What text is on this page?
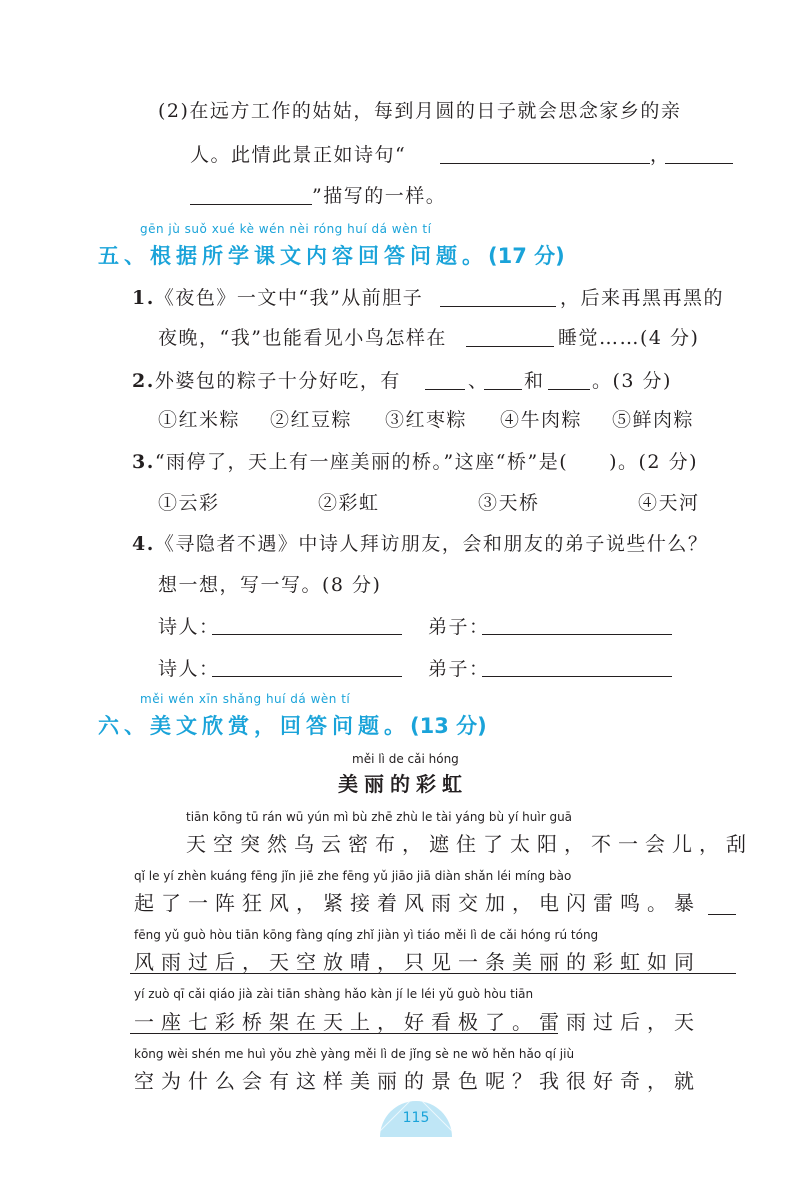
(2)在远方工作的姑姑，每到月圆的日子就会思念家乡的亲
人。此情此景正如诗句“	，
”描写的一样。
gēn jù suǒ xué kè wén nèi róng huí dá wèn tí
五、根据所学课文内容回答问题。(17 分)
1.《夜色》一文中“我”从前胆子	，后来再黑再黑的
夜晚，“我”也能看见小鸟怎样在	睡觉……(4 分)
2.外婆包的粽子十分好吃，有	、 和 。(3 分)
①红米粽 ②红豆粽 ③红枣粽 ④牛肉粽 ⑤鲜肉粽
3.“雨停了，天上有一座美丽的桥。”这座“桥”是(　　)。(2 分)
①云彩	②彩虹	③天桥	④天河
4.《寻隐者不遇》中诗人拜访朋友，会和朋友的弟子说些什么？
想一想，写一写。(8 分)
诗人：	弟子：
诗人：	弟子：
měi wén xīn shǎng huí dá wèn tí
六、美文欣赏，回答问题。(13 分)
měi lì de cǎi hóng
美丽的彩虹
tiān kōng tū rán wū yún mì bù zhē zhù le tài yáng bù yí huìr guā
天空突然乌云密布，遮住了太阳，不一会儿，刮
qǐ le yí zhèn kuáng fēng jǐn jiē zhe fēng yǔ jiāo jiā diàn shǎn léi míng bào
起了一阵狂风，紧接着风雨交加，电闪雷鸣。暴
fēng yǔ guò hòu tiān kōng fàng qíng zhǐ jiàn yì tiáo měi lì de cǎi hóng rú tóng
风雨过后，天空放晴，只见一条美丽的彩虹如同
yí zuò qī cǎi qiáo jià zài tiān shàng hǎo kàn jí le léi yǔ guò hòu tiān
一座七彩桥架在天上，好看极了。雷雨过后，天
kōng wèi shén me huì yǒu zhè yàng měi lì de jǐng sè ne wǒ hěn hǎo qí jiù
空为什么会有这样美丽的景色呢？我很好奇，就
115
